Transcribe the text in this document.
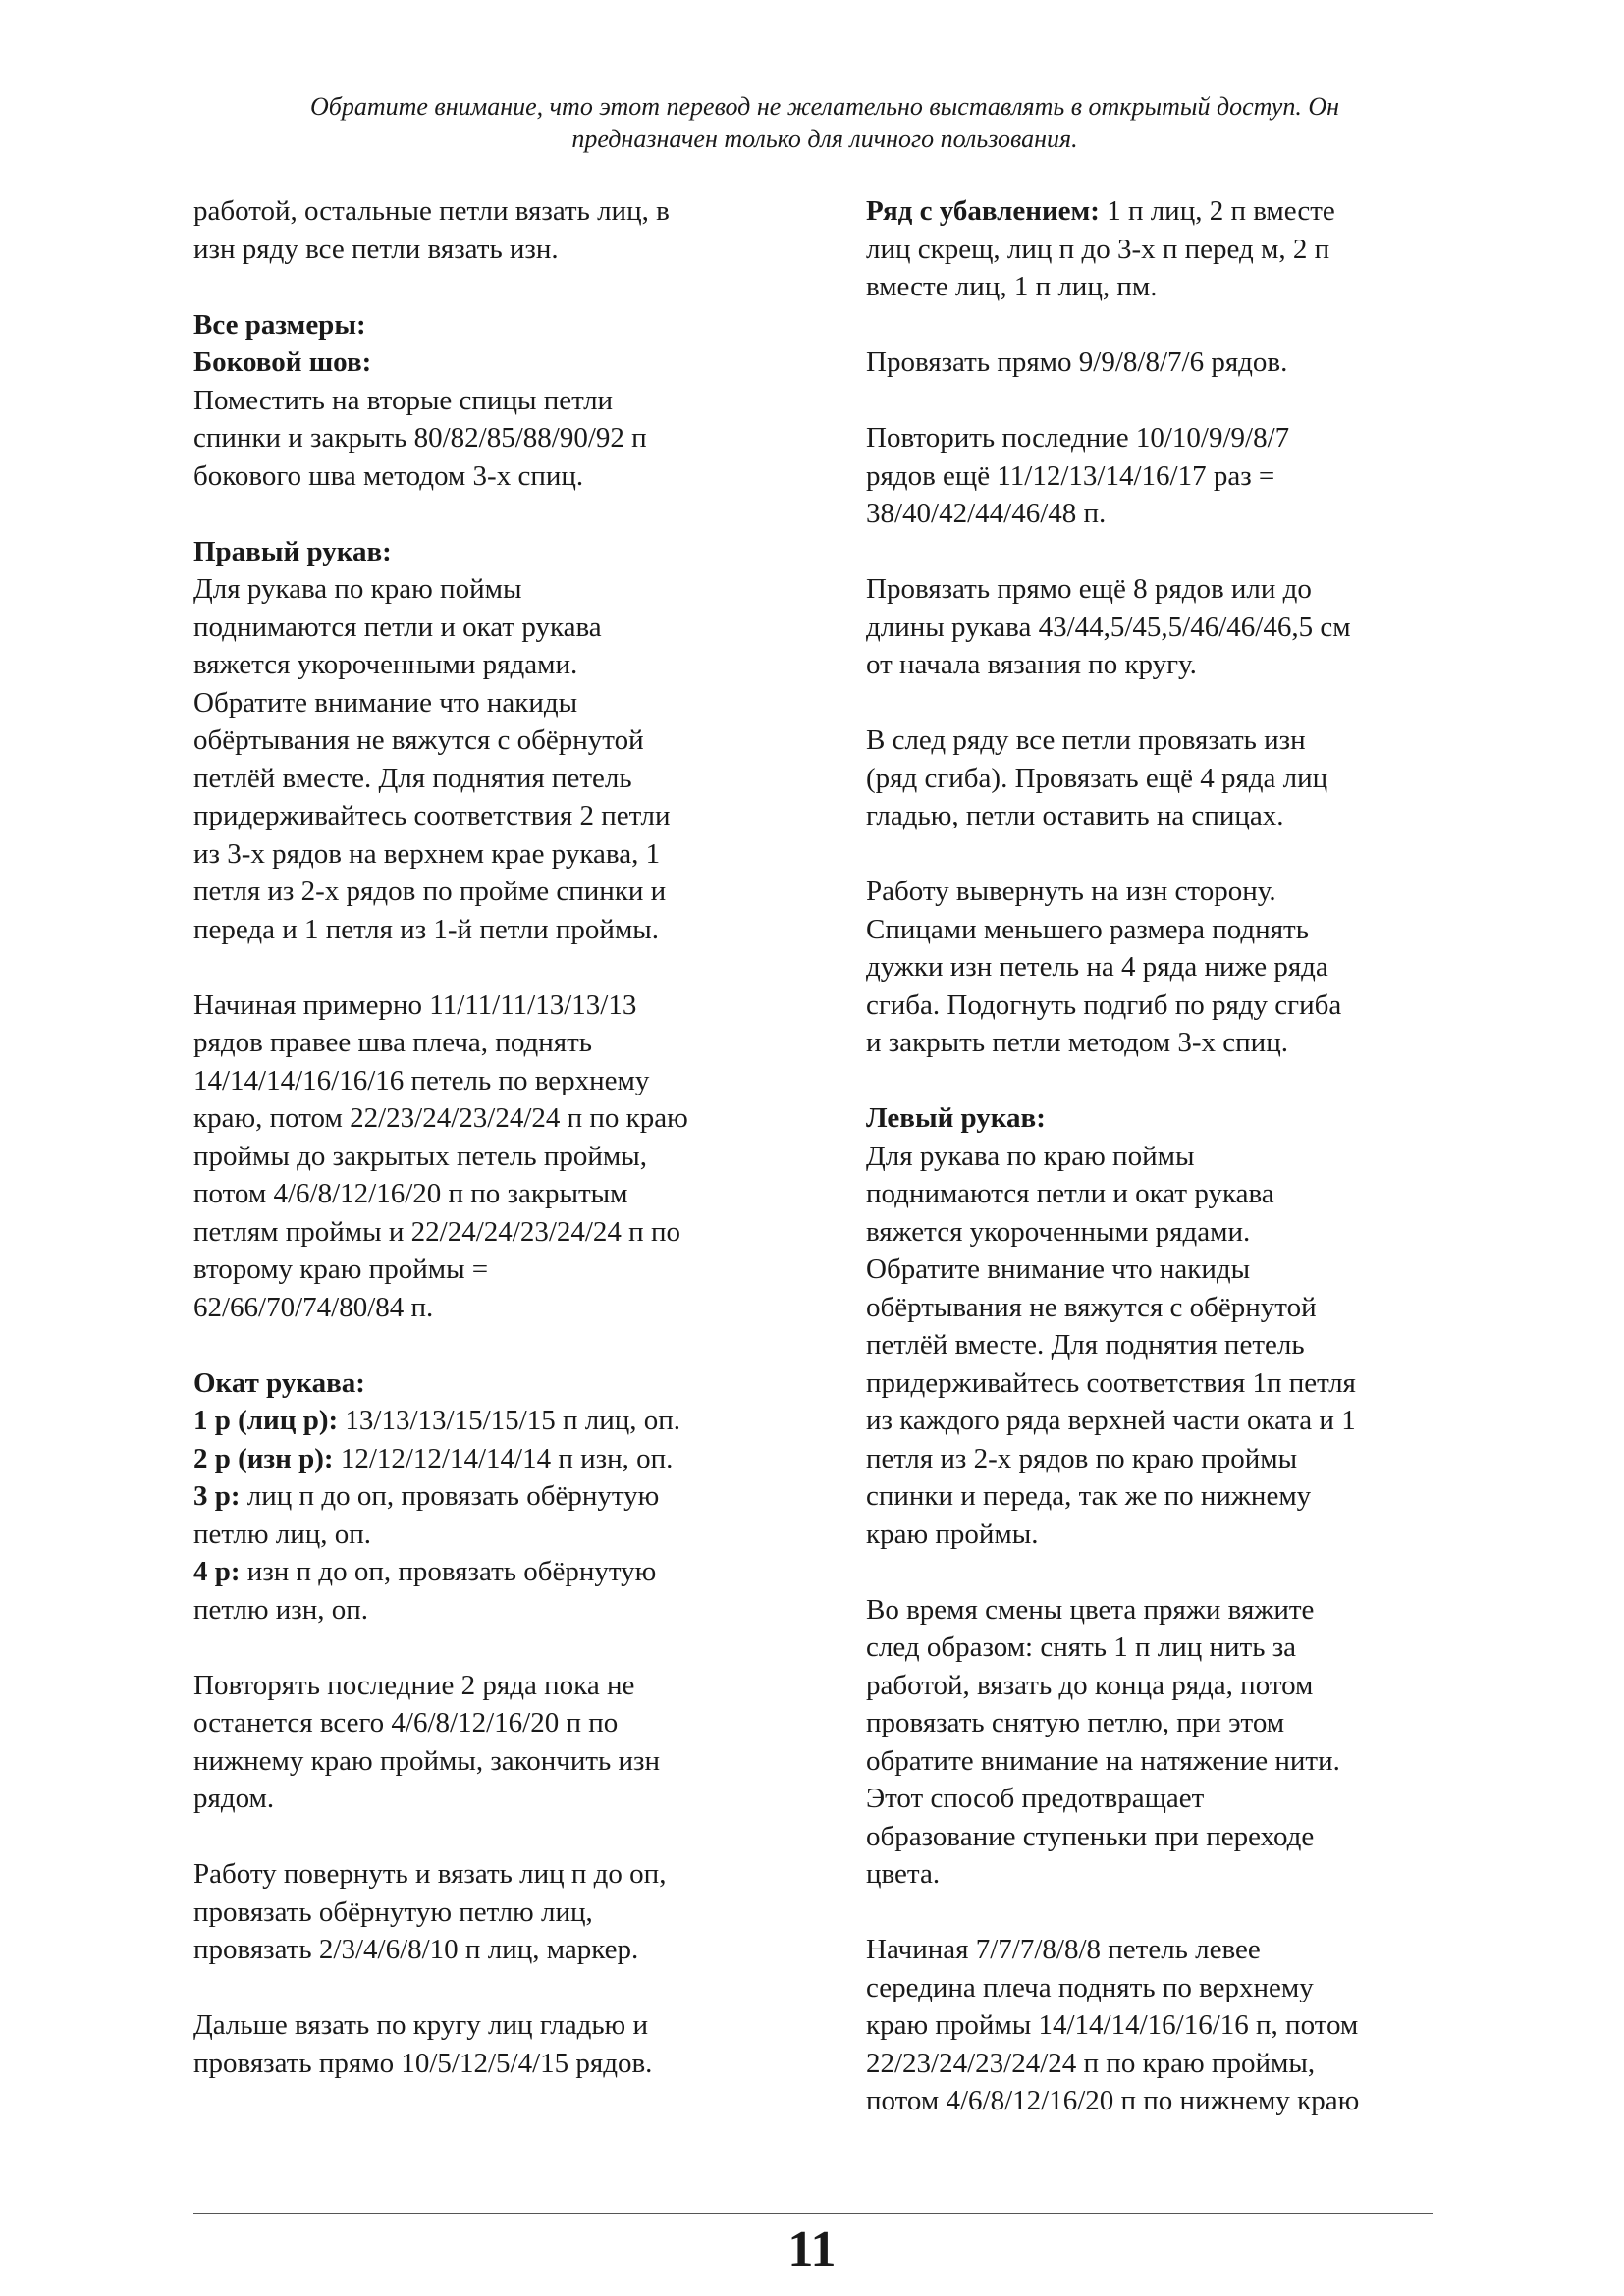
Обратите внимание, что этот перевод не желательно выставлять в открытый доступ. Он

предназначен только для личного пользования.

работой, остальные петли вязать лиц, в
изн ряду все петли вязать изн.
Все размеры:
Боковой шов:
Поместить на вторые спицы петли
спинки и закрыть 80/82/85/88/90/92 п
бокового шва методом 3-х спиц.
Правый рукав:
Для рукава по краю поймы
поднимаются петли и окат рукава
вяжется укороченными рядами.
Обратите внимание что накиды
обёртывания не вяжутся с обёрнутой
петлёй вместе. Для поднятия петель
придерживайтесь соответствия 2 петли
из 3-х рядов на верхнем крае рукава, 1
петля из 2-х рядов по пройме спинки и
переда и 1 петля из 1-й петли проймы.
Начиная примерно 11/11/11/13/13/13
рядов правее шва плеча, поднять
14/14/14/16/16/16 петель по верхнему
краю, потом 22/23/24/23/24/24 п по краю
проймы до закрытых петель проймы,
потом 4/6/8/12/16/20 п по закрытым
петлям проймы и 22/24/24/23/24/24 п по
второму краю проймы =
62/66/70/74/80/84 п.
Окат рукава:
1 р (лиц р): 13/13/13/15/15/15 п лиц, оп.
2 р (изн р): 12/12/12/14/14/14 п изн, оп.
3 р: лиц п до оп, провязать обёрнутую
петлю лиц, оп.
4 р: изн п до оп, провязать обёрнутую
петлю изн, оп.
Повторять последние 2 ряда пока не
останется всего 4/6/8/12/16/20 п по
нижнему краю проймы, закончить изн
рядом.
Работу повернуть и вязать лиц п до оп,
провязать обёрнутую петлю лиц,
провязать 2/3/4/6/8/10 п лиц, маркер.
Дальше вязать по кругу лиц гладью и
провязать прямо 10/5/12/5/4/15 рядов.
Ряд с убавлением: 1 п лиц, 2 п вместе
лиц скрещ, лиц п до 3-х п перед м, 2 п
вместе лиц, 1 п лиц, пм.
Провязать прямо 9/9/8/8/7/6 рядов.
Повторить последние 10/10/9/9/8/7
рядов ещё 11/12/13/14/16/17 раз =
38/40/42/44/46/48 п.
Провязать прямо ещё 8 рядов или до
длины рукава 43/44,5/45,5/46/46/46,5 см
от начала вязания по кругу.
В след ряду все петли провязать изн
(ряд сгиба). Провязать ещё 4 ряда лиц
гладью, петли оставить на спицах.
Работу вывернуть на изн сторону.
Спицами меньшего размера поднять
дужки изн петель на 4 ряда ниже ряда
сгиба. Подогнуть подгиб по ряду сгиба
и закрыть петли методом 3-х спиц.
Левый рукав:
Для рукава по краю поймы
поднимаются петли и окат рукава
вяжется укороченными рядами.
Обратите внимание что накиды
обёртывания не вяжутся с обёрнутой
петлёй вместе. Для поднятия петель
придерживайтесь соответствия 1п петля
из каждого ряда верхней части оката и 1
петля из 2-х рядов по краю проймы
спинки и переда, так же по нижнему
краю проймы.
Во время смены цвета пряжи вяжите
след образом: снять 1 п лиц нить за
работой, вязать до конца ряда, потом
провязать снятую петлю, при этом
обратите внимание на натяжение нити.
Этот способ предотвращает
образование ступеньки при переходе
цвета.
Начиная 7/7/7/8/8/8 петель левее
середина плеча поднять по верхнему
краю проймы 14/14/14/16/16/16 п, потом
22/23/24/23/24/24 п по краю проймы,
потом 4/6/8/12/16/20 п по нижнему краю
11
